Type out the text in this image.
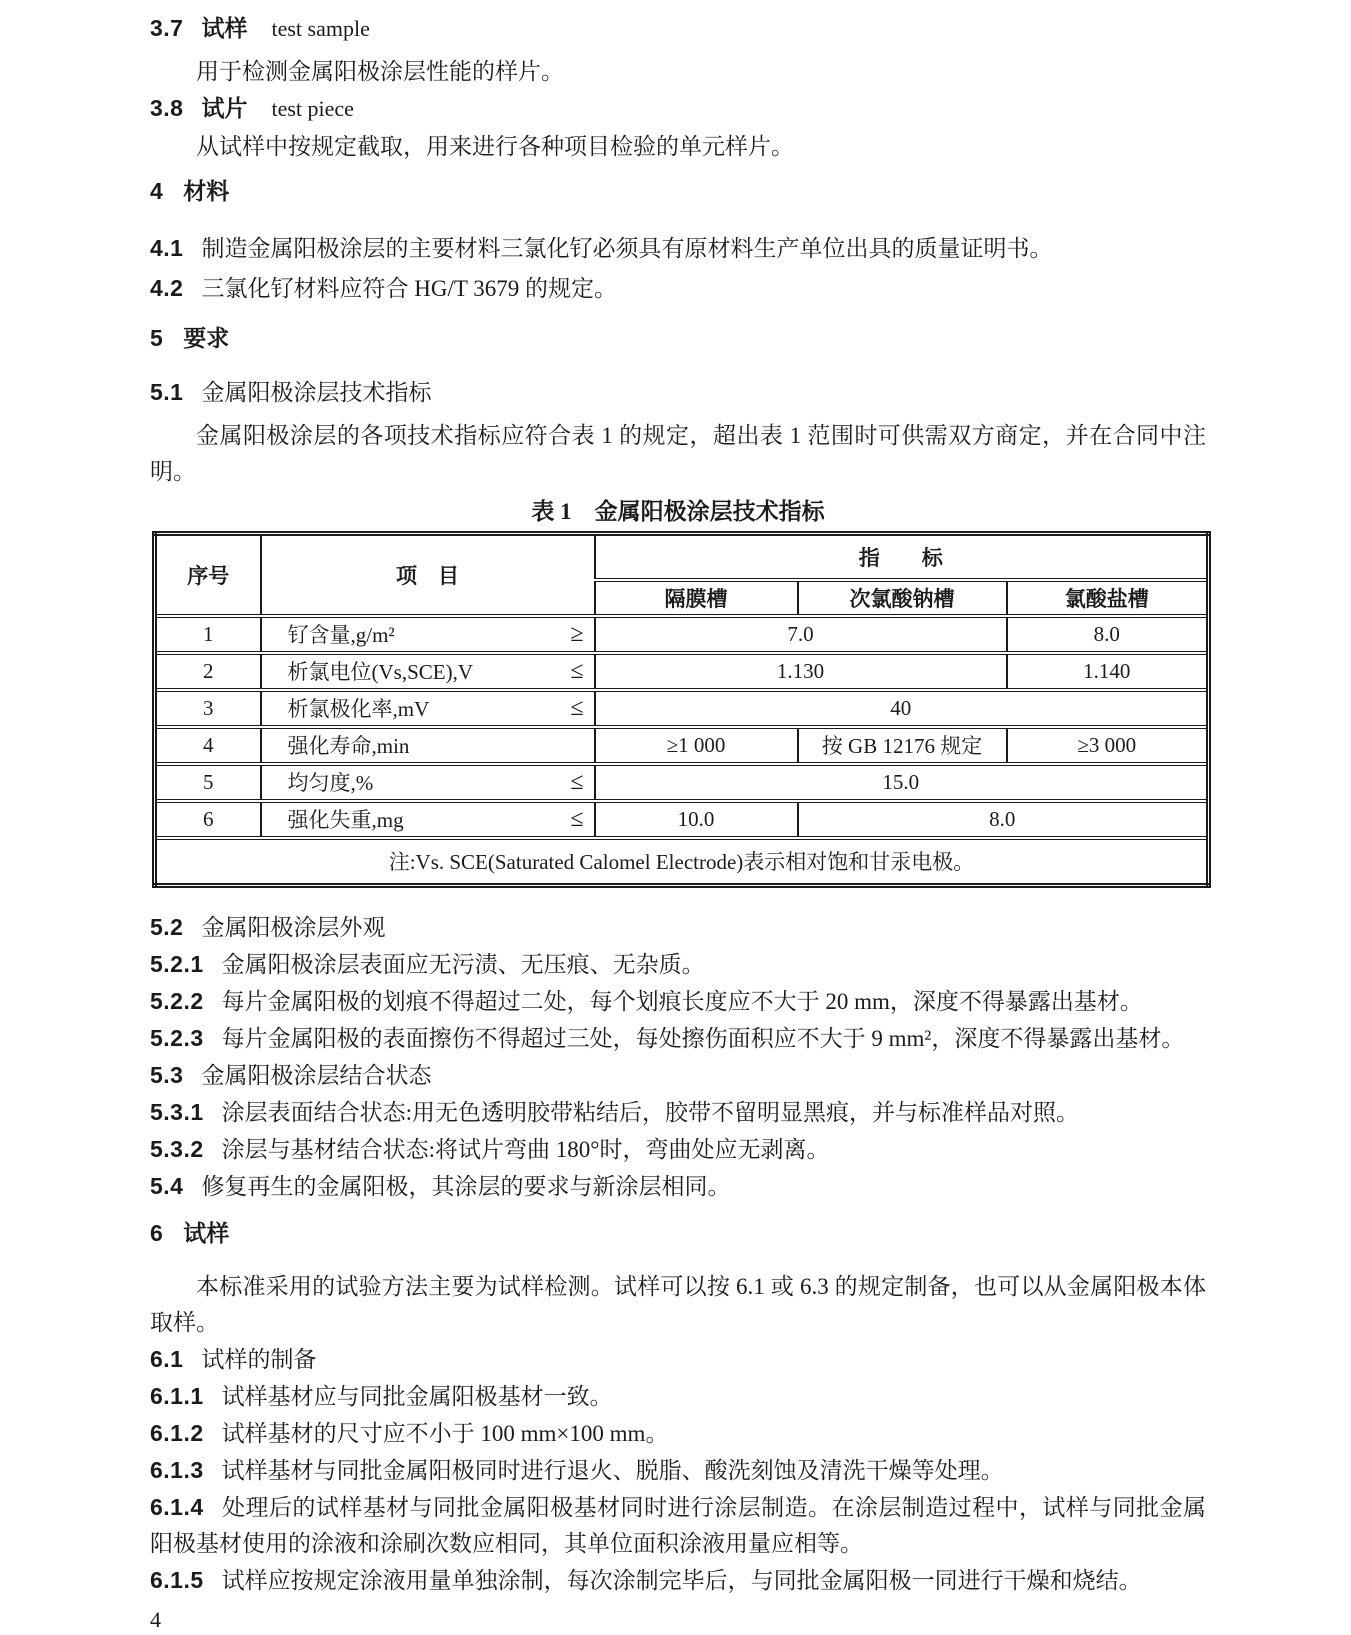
3.7 试样 test sample

用于检测金属阳极涂层性能的样片。

3.8 试片 test piece

从试样中按规定截取，用来进行各种项目检验的单元样片。

4 材料

4.1 制造金属阳极涂层的主要材料三氯化钌必须具有原材料生产单位出具的质量证明书。

4.2 三氯化钌材料应符合 HG/T 3679 的规定。

5 要求

5.1 金属阳极涂层技术指标

金属阳极涂层的各项技术指标应符合表 1 的规定，超出表 1 范围时可供需双方商定，并在合同中注明。

表 1　金属阳极涂层技术指标

序号	项　目	指　　标		
		隔膜槽	次氯酸钠槽	氯酸盐槽
1	钌含量,g/m² ≥	7.0		8.0
2	析氯电位(Vs,SCE),V ≤	1.130		1.140
3	析氯极化率,mV ≤	40		
4	强化寿命,min	≥1 000	按 GB 12176 规定	≥3 000
5	均匀度,% ≤	15.0		
6	强化失重,mg ≤	10.0	8.0	
注:Vs. SCE(Saturated Calomel Electrode)表示相对饱和甘汞电极。				

5.2 金属阳极涂层外观

5.2.1 金属阳极涂层表面应无污渍、无压痕、无杂质。

5.2.2 每片金属阳极的划痕不得超过二处，每个划痕长度应不大于 20 mm，深度不得暴露出基材。

5.2.3 每片金属阳极的表面擦伤不得超过三处，每处擦伤面积应不大于 9 mm²，深度不得暴露出基材。

5.3 金属阳极涂层结合状态

5.3.1 涂层表面结合状态:用无色透明胶带粘结后，胶带不留明显黑痕，并与标准样品对照。

5.3.2 涂层与基材结合状态:将试片弯曲 180°时，弯曲处应无剥离。

5.4 修复再生的金属阳极，其涂层的要求与新涂层相同。

6 试样

本标准采用的试验方法主要为试样检测。试样可以按 6.1 或 6.3 的规定制备，也可以从金属阳极本体取样。

6.1 试样的制备

6.1.1 试样基材应与同批金属阳极基材一致。

6.1.2 试样基材的尺寸应不小于 100 mm×100 mm。

6.1.3 试样基材与同批金属阳极同时进行退火、脱脂、酸洗刻蚀及清洗干燥等处理。

6.1.4 处理后的试样基材与同批金属阳极基材同时进行涂层制造。在涂层制造过程中，试样与同批金属阳极基材使用的涂液和涂刷次数应相同，其单位面积涂液用量应相等。

6.1.5 试样应按规定涂液用量单独涂制，每次涂制完毕后，与同批金属阳极一同进行干燥和烧结。

4
